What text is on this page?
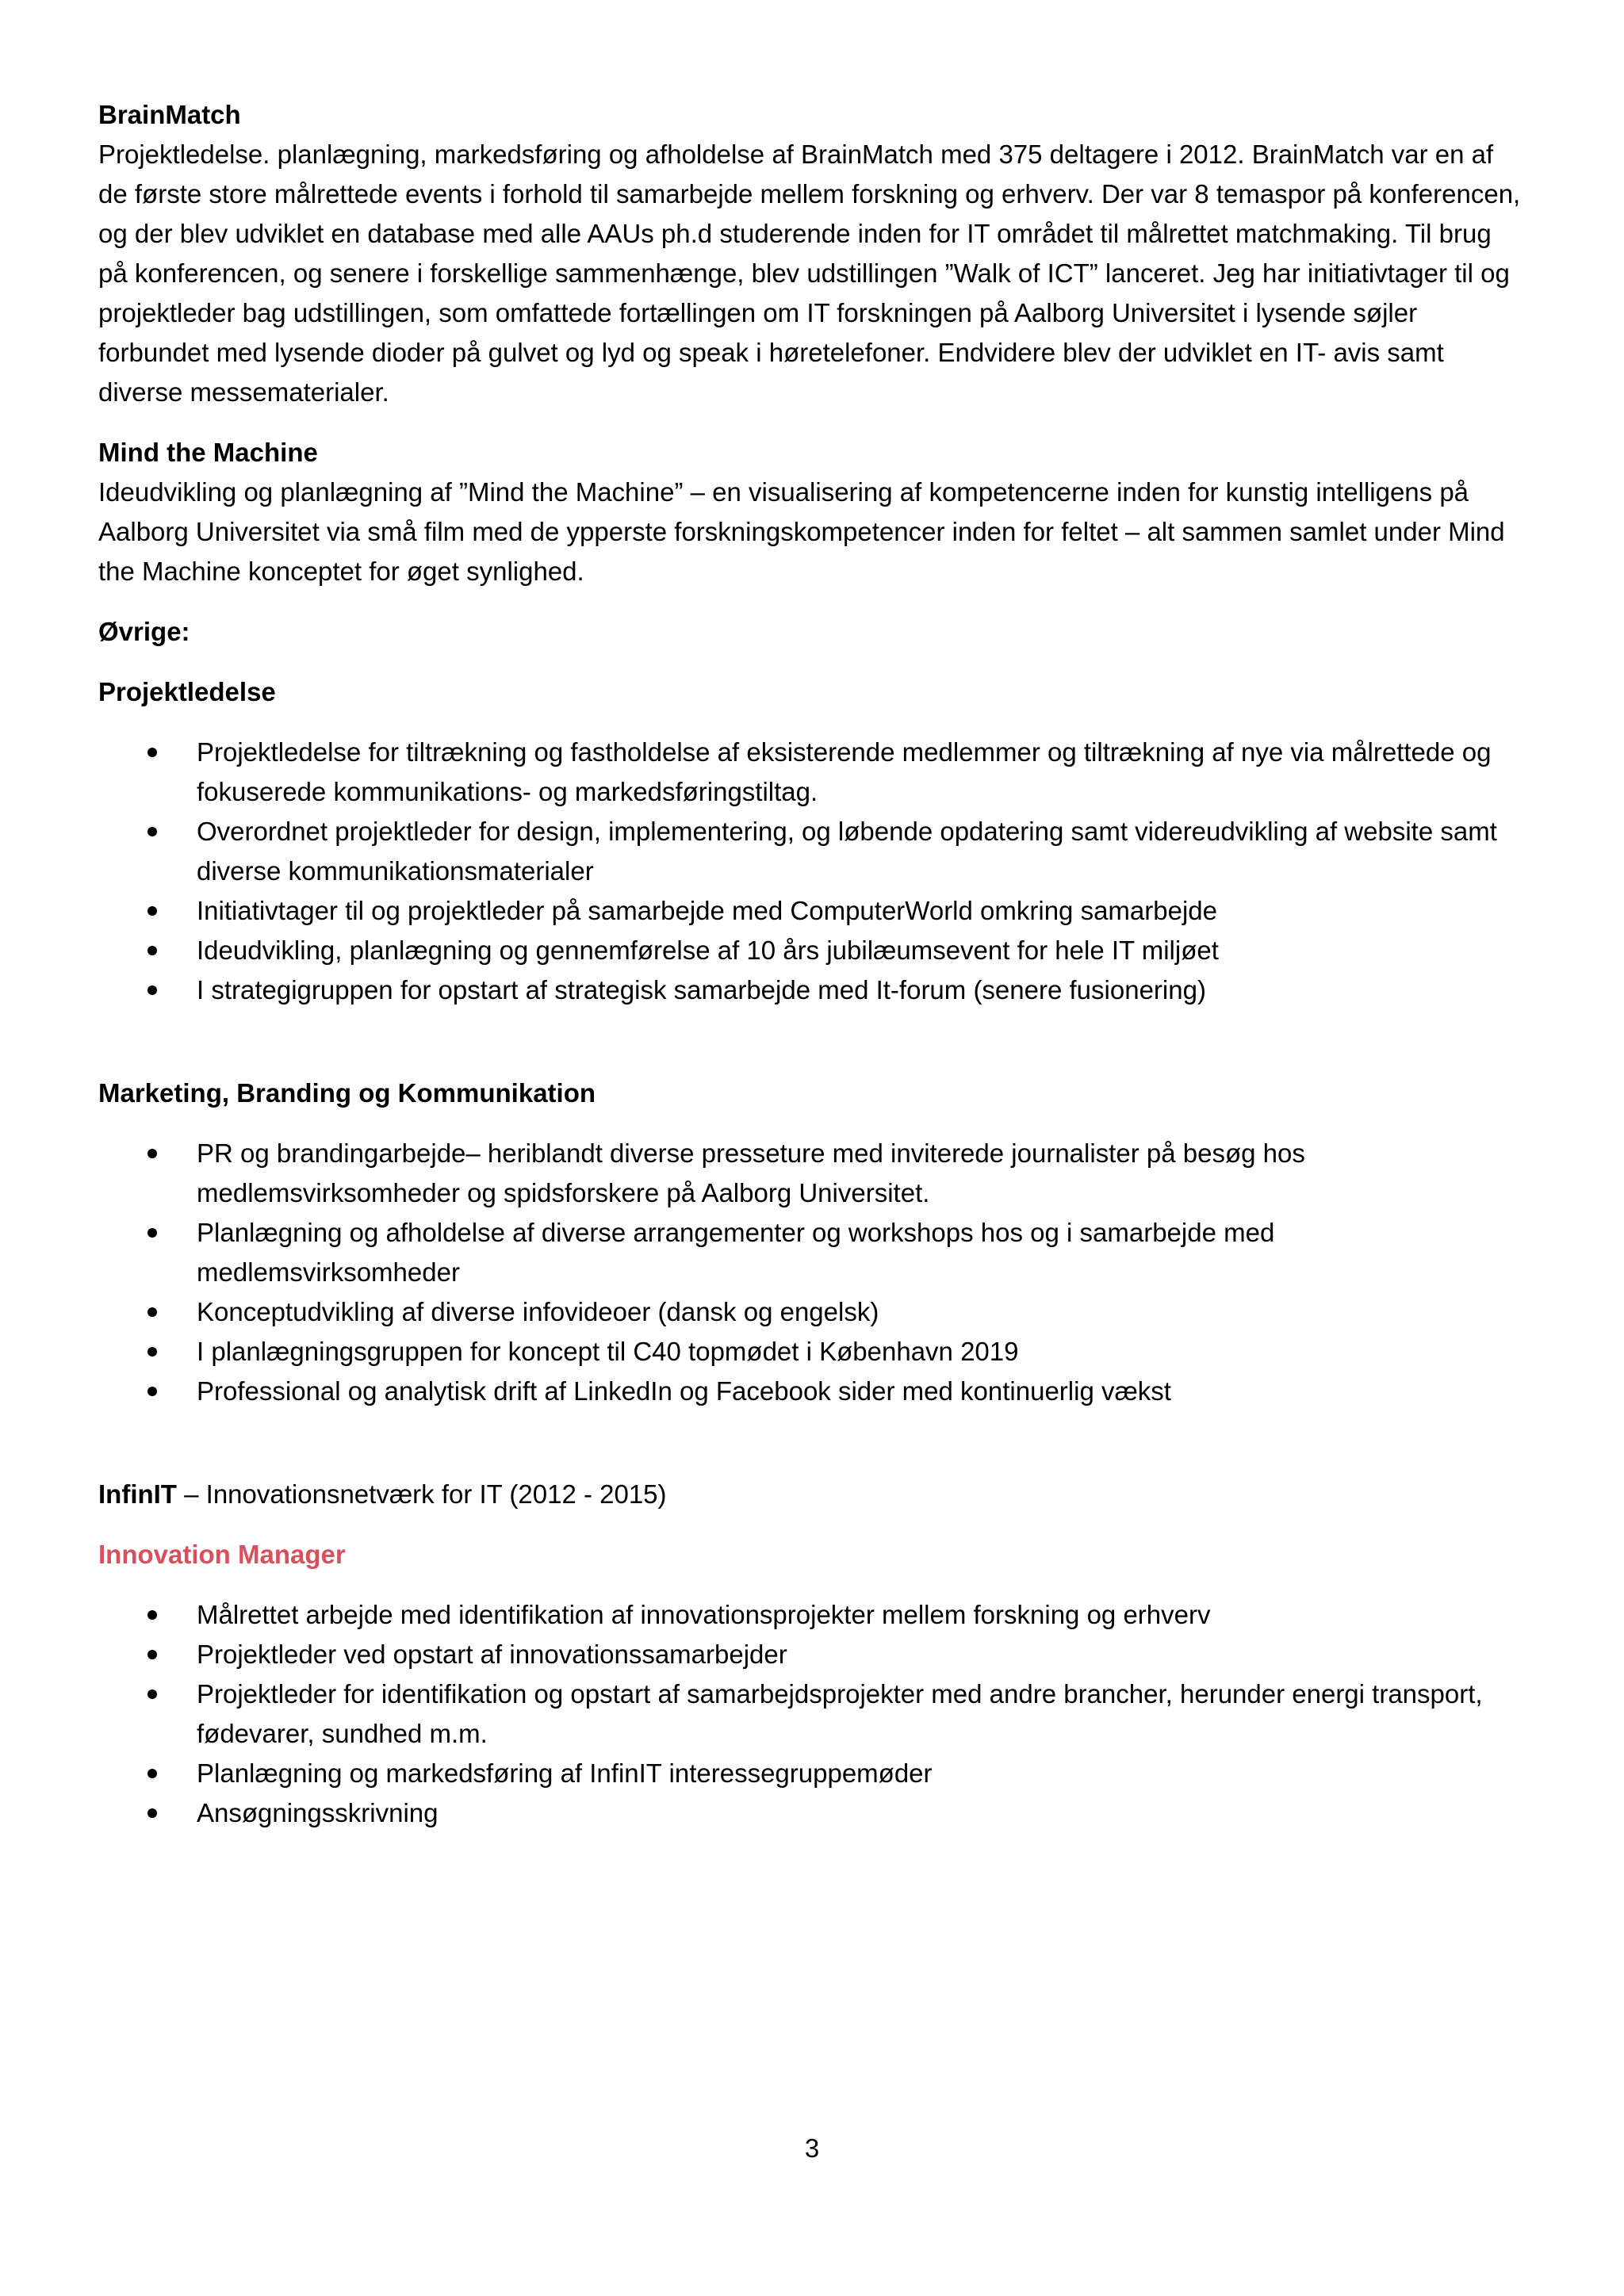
BrainMatch

Projektledelse. planlægning, markedsføring og afholdelse af BrainMatch med 375 deltagere i 2012. BrainMatch var en af de første store målrettede events i forhold til samarbejde mellem forskning og erhverv. Der var 8 temaspor på konferencen, og der blev udviklet en database med alle AAUs ph.d studerende inden for IT området til målrettet matchmaking. Til brug på konferencen, og senere i forskellige sammenhænge, blev udstillingen ”Walk of ICT” lanceret. Jeg har initiativtager til og projektleder bag udstillingen, som omfattede fortællingen om IT forskningen på Aalborg Universitet i lysende søjler forbundet med lysende dioder på gulvet og lyd og speak i høretelefoner. Endvidere blev der udviklet en IT- avis samt diverse messematerialer.

Mind the Machine

Ideudvikling og planlægning af ”Mind the Machine” – en visualisering af kompetencerne inden for kunstig intelligens på Aalborg Universitet via små film med de ypperste forskningskompetencer inden for feltet – alt sammen samlet under Mind the Machine konceptet for øget synlighed.

Øvrige:
Projektledelse
Projektledelse for tiltrækning og fastholdelse af eksisterende medlemmer og tiltrækning af nye via målrettede og fokuserede kommunikations- og markedsføringstiltag.
Overordnet projektleder for design, implementering, og løbende opdatering samt videreudvikling af website samt diverse kommunikationsmaterialer
Initiativtager til og projektleder på samarbejde med ComputerWorld omkring samarbejde
Ideudvikling, planlægning og gennemførelse af 10 års jubilæumsevent for hele IT miljøet
I strategigruppen for opstart af strategisk samarbejde med It-forum (senere fusionering)
Marketing, Branding og Kommunikation
PR og brandingarbejde– heriblandt diverse presseture med inviterede journalister på besøg hos medlemsvirksomheder og spidsforskere på Aalborg Universitet.
Planlægning og afholdelse af diverse arrangementer og workshops hos og i samarbejde med medlemsvirksomheder
Konceptudvikling af diverse infovideoer (dansk og engelsk)
I planlægningsgruppen for koncept til C40 topmødet i København 2019
Professional og analytisk drift af LinkedIn og Facebook sider med kontinuerlig vækst
InfinIT – Innovationsnetværk for IT (2012 - 2015)
Innovation Manager
Målrettet arbejde med identifikation af innovationsprojekter mellem forskning og erhverv
Projektleder ved opstart af innovationssamarbejder
Projektleder for identifikation og opstart af samarbejdsprojekter med andre brancher, herunder energi transport, fødevarer, sundhed m.m.
Planlægning og markedsføring af InfinIT interessegruppemøder
Ansøgningsskrivning
3
